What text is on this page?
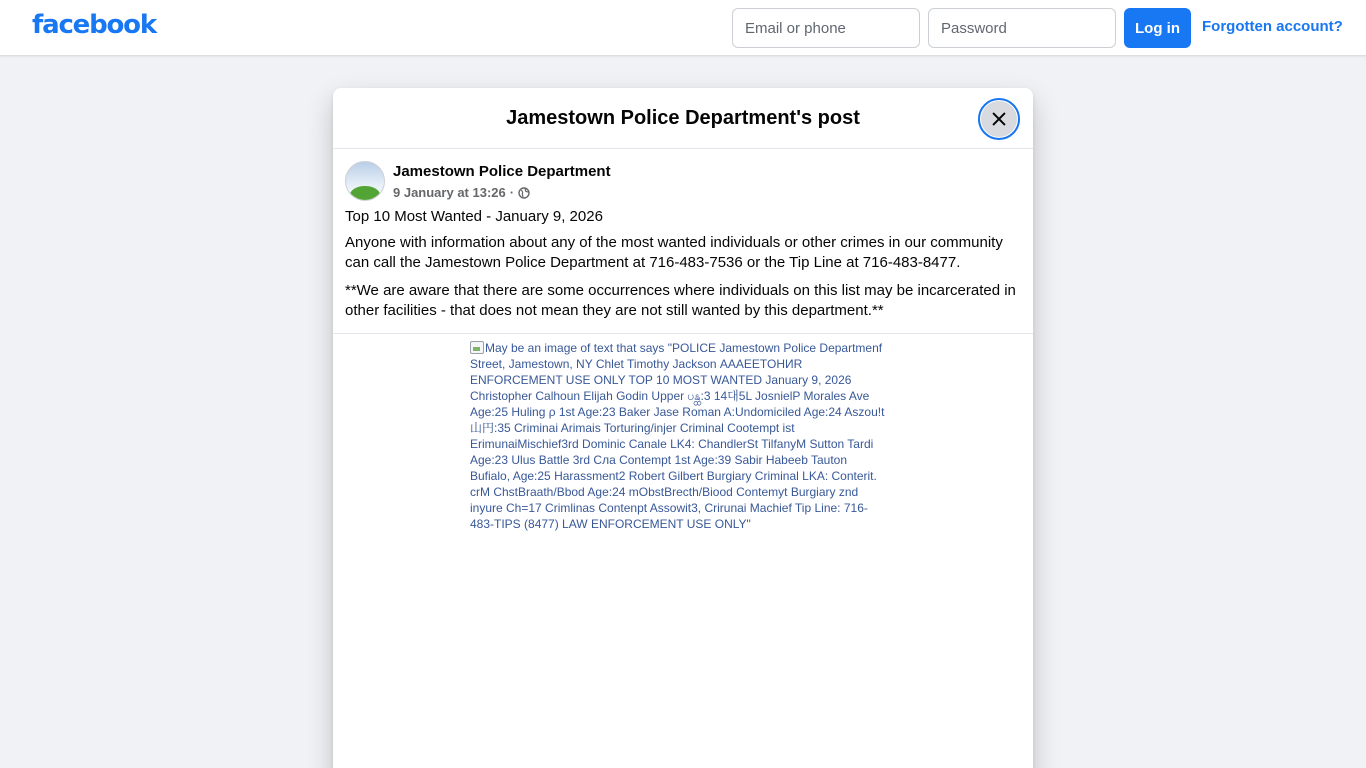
facebook
Email or phone	Log in	Forgotten account?
Jamestown Police Department's post
Jamestown Police Department
9 January at 13:26 ·

Top 10 Most Wanted - January 9, 2026

Anyone with information about any of the most wanted individuals or other crimes in our community can call the Jamestown Police Department at 716-483-7536 or the Tip Line at 716-483-8477.

**We are aware that there are some occurrences where individuals on this list may be incarcerated in other facilities - that does not mean they are not still wanted by this department.**

May be an image of text that says "POLICE Jamestown Police Departmenf Street, Jamestown, NY Chlet Timothy Jackson ААAEETOHИR ENFORCEMENT USE ONLY TOP 10 MOST WANTED January 9, 2026 Christopher Calhoun Elijah Godin Upper ပန္ထ:3 14대5L JosnielP Morales Ave Age:25 Huling ρ 1st Age:23 Baker Jase Roman A:Undomiciled Age:24 Aszou!t 山円:35 Criminai Arimais Torturing/injer Criminal Cootempt ist ErimunaiMischief3rd Dominic Canale LK4: ChandlerSt TilfanyM Sutton Tardi Age:23 Ulus Battle 3rd Сла Contempt 1st Age:39 Sabir Habeeb Tauton Bufialo, Age:25 Harassment2 Robert Gilbert Burgiary Criminal LKA: Conterit. crM ChstBraath/Bbod Age:24 mObstBrecth/Biood Contemyt Burgiary znd inyure Ch=17 Crimlinas Contenpt Assowit3, Crirunai Machief Tip Line: 716-483-TIPS (8477) LAW ENFORCEMENT USE ONLY"
